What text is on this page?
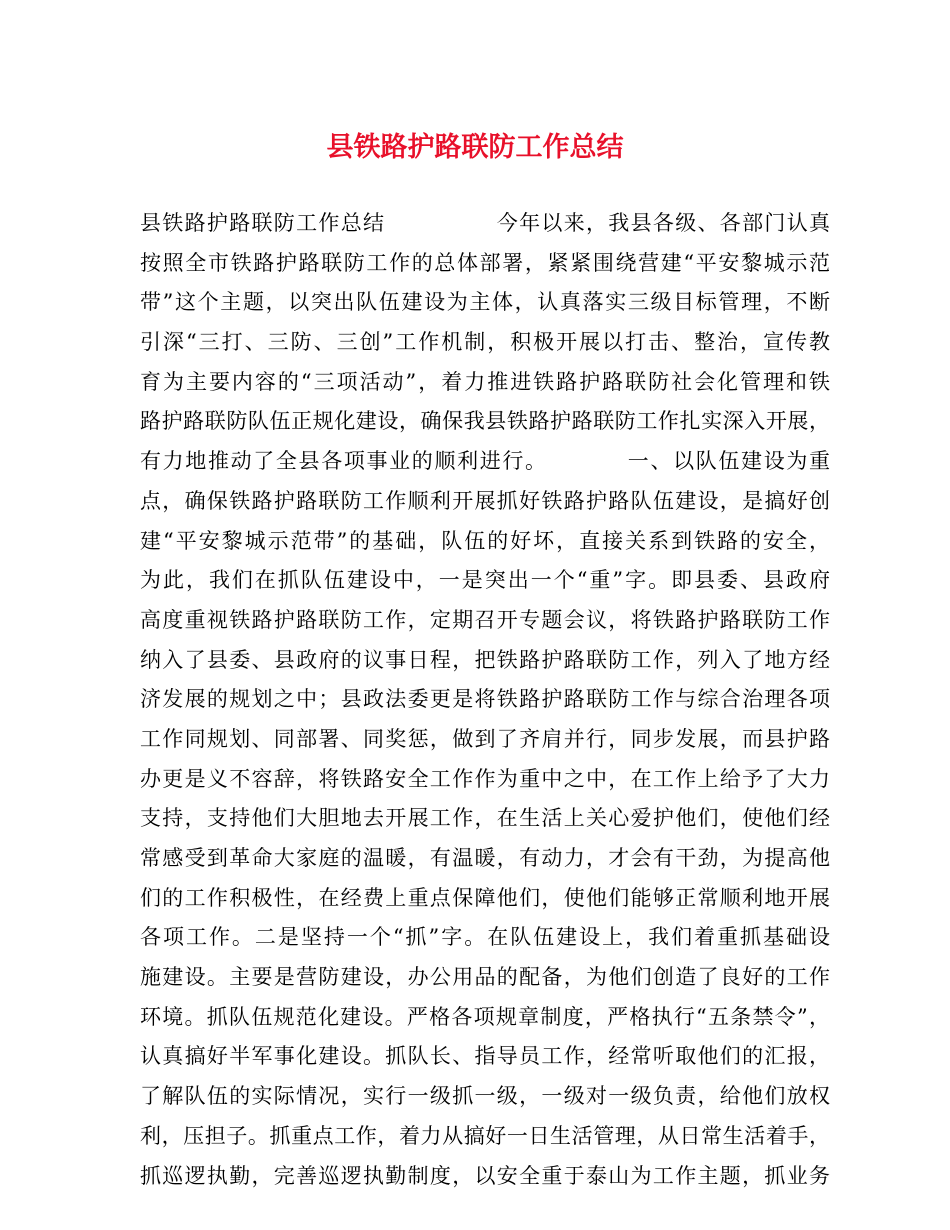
县铁路护路联防工作总结
县铁路护路联防工作总结　　　　　今年以来，我县各级、各部门认真
按照全市铁路护路联防工作的总体部署，紧紧围绕营建“平安黎城示范
带”这个主题，以突出队伍建设为主体，认真落实三级目标管理，不断
引深“三打、三防、三创”工作机制，积极开展以打击、整治，宣传教
育为主要内容的“三项活动”，着力推进铁路护路联防社会化管理和铁
路护路联防队伍正规化建设，确保我县铁路护路联防工作扎实深入开展，
有力地推动了全县各项事业的顺利进行。　　　　一、以队伍建设为重
点，确保铁路护路联防工作顺利开展抓好铁路护路队伍建设，是搞好创
建“平安黎城示范带”的基础，队伍的好坏，直接关系到铁路的安全，
为此，我们在抓队伍建设中，一是突出一个“重”字。即县委、县政府
高度重视铁路护路联防工作，定期召开专题会议，将铁路护路联防工作
纳入了县委、县政府的议事日程，把铁路护路联防工作，列入了地方经
济发展的规划之中；县政法委更是将铁路护路联防工作与综合治理各项
工作同规划、同部署、同奖惩，做到了齐肩并行，同步发展，而县护路
办更是义不容辞，将铁路安全工作作为重中之中，在工作上给予了大力
支持，支持他们大胆地去开展工作，在生活上关心爱护他们，使他们经
常感受到革命大家庭的温暖，有温暖，有动力，才会有干劲，为提高他
们的工作积极性，在经费上重点保障他们，使他们能够正常顺利地开展
各项工作。二是坚持一个“抓”字。在队伍建设上，我们着重抓基础设
施建设。主要是营防建设，办公用品的配备，为他们创造了良好的工作
环境。抓队伍规范化建设。严格各项规章制度，严格执行“五条禁令”，
认真搞好半军事化建设。抓队长、指导员工作，经常听取他们的汇报，
了解队伍的实际情况，实行一级抓一级，一级对一级负责，给他们放权
利，压担子。抓重点工作，着力从搞好一日生活管理，从日常生活着手，
抓巡逻执勤，完善巡逻执勤制度，以安全重于泰山为工作主题，抓业务
